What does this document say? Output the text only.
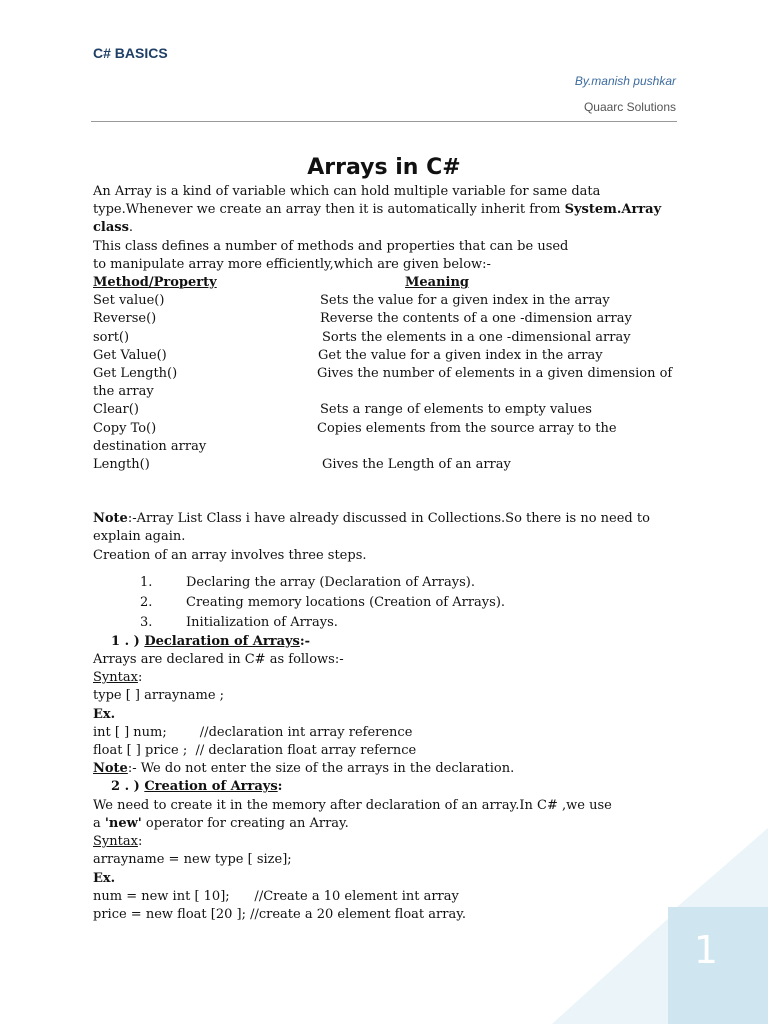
C# BASICS
By.manish pushkar
Quaarc Solutions
1
Arrays in C#

An Array is a kind of variable which can hold multiple variable for same data

type.Whenever we create an array then it is automatically inherit from System.Array

class.

This class defines a number of methods and properties that can be used

to manipulate array more efficiently,which are given below:-

Method/Property	Meaning
Set value()	Sets the value for a given index in the array
Reverse()	Reverse the contents of a one -dimension array
sort()	Sorts the elements in a one -dimensional array
Get Value()	Get the value for a given index in the array
Get Length()	Gives the number of elements in a given dimension of

the array

Clear()	Sets a range of elements to empty values
Copy To()	Copies elements from the source array to the

destination array

Length()	Gives the Length of an array

Note:-Array List Class i have already discussed in Collections.So there is no need to

explain again.

Creation of an array involves three steps.

1.	Declaring the array (Declaration of Arrays).
2.	Creating memory locations (Creation of Arrays).
3.	Initialization of Arrays.

1 . ) Declaration of Arrays:-

Arrays are declared in C# as follows:-

Syntax:

type [ ] arrayname ;

Ex.

int [ ] num;        //declaration int array reference

float [ ] price ;  // declaration float array refernce

Note:- We do not enter the size of the arrays in the declaration.

2 . ) Creation of Arrays:

We need to create it in the memory after declaration of an array.In C# ,we use

a 'new' operator for creating an Array.

Syntax:

arrayname = new type [ size];

Ex.

num = new int [ 10];      //Create a 10 element int array

price = new float [20 ]; //create a 20 element float array.
